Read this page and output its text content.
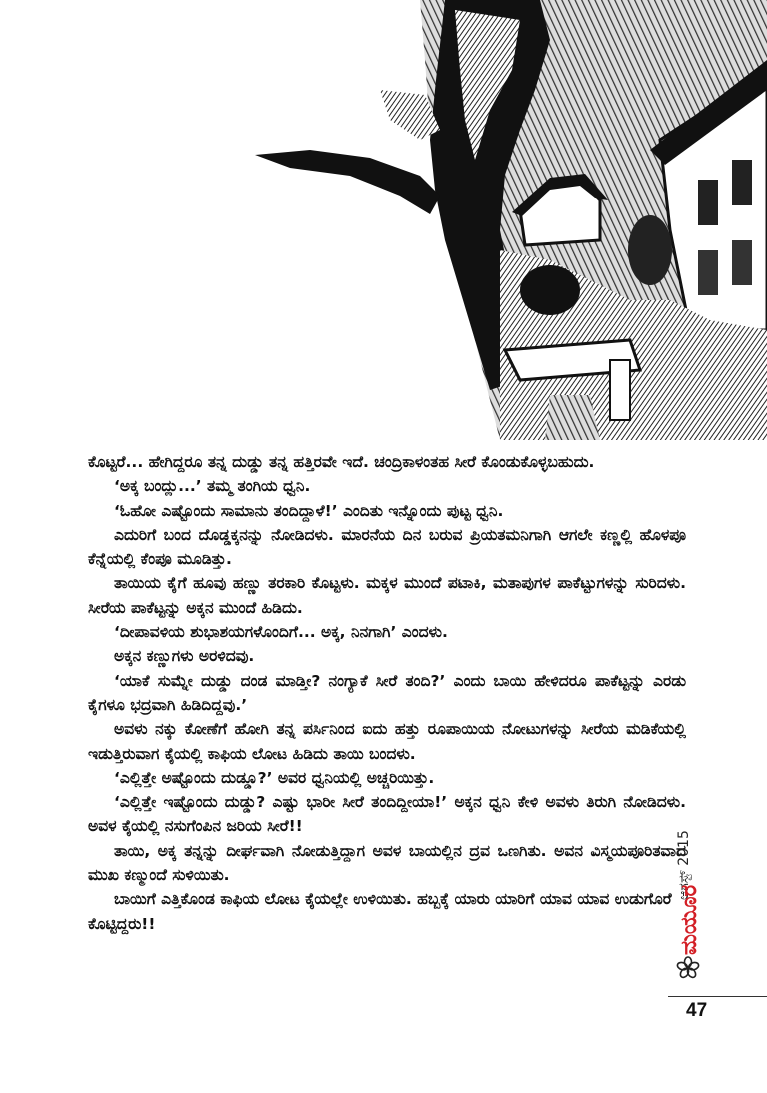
ಕೊಟ್ಟರೆ... ಹೇಗಿದ್ದರೂ ತನ್ನ ದುಡ್ಡು ತನ್ನ ಹತ್ತಿರವೇ ಇದೆ. ಚಂದ್ರಿಕಾಳಂತಹ ಸೀರೆ ಕೊಂಡುಕೊಳ್ಳಬಹುದು.

‘ಅಕ್ಕ ಬಂದ್ಲು...’ ತಮ್ಮ ತಂಗಿಯ ಧ್ವನಿ.

‘ಓಹೋ ಎಷ್ಟೊಂದು ಸಾಮಾನು ತಂದಿದ್ದಾಳೆ!’ ಎಂದಿತು ಇನ್ನೊಂದು ಪುಟ್ಟ ಧ್ವನಿ.

ಎದುರಿಗೆ ಬಂದ ದೊಡ್ಡಕ್ಕನನ್ನು ನೋಡಿದಳು. ಮಾರನೆಯ ದಿನ ಬರುವ ಪ್ರಿಯತಮನಿಗಾಗಿ ಆಗಲೇ ಕಣ್ಣಲ್ಲಿ ಹೊಳಪೂ ಕೆನ್ನೆಯಲ್ಲಿ ಕೆಂಪೂ ಮೂಡಿತ್ತು.

ತಾಯಿಯ ಕೈಗೆ ಹೂವು ಹಣ್ಣು ತರಕಾರಿ ಕೊಟ್ಟಳು. ಮಕ್ಕಳ ಮುಂದೆ ಪಟಾಕಿ, ಮತಾಪುಗಳ ಪಾಕೆಟ್ಟುಗಳನ್ನು ಸುರಿದಳು. ಸೀರೆಯ ಪಾಕೆಟ್ಟನ್ನು ಅಕ್ಕನ ಮುಂದೆ ಹಿಡಿದು.

‘ದೀಪಾವಳಿಯ ಶುಭಾಶಯಗಳೊಂದಿಗೆ... ಅಕ್ಕ, ನಿನಗಾಗಿ’ ಎಂದಳು.

ಅಕ್ಕನ ಕಣ್ಣುಗಳು ಅರಳಿದವು.

‘ಯಾಕೆ ಸುಮ್ನೇ ದುಡ್ಡು ದಂಡ ಮಾಡ್ತೀ? ನಂಗ್ಯಾಕೆ ಸೀರೆ ತಂದಿ?’ ಎಂದು ಬಾಯಿ ಹೇಳಿದರೂ ಪಾಕೆಟ್ಟನ್ನು ಎರಡು ಕೈಗಳೂ ಭದ್ರವಾಗಿ ಹಿಡಿದಿದ್ದವು.’

ಅವಳು ನಕ್ಕು ಕೋಣೆಗೆ ಹೋಗಿ ತನ್ನ ಪರ್ಸಿನಿಂದ ಐದು ಹತ್ತು ರೂಪಾಯಿಯ ನೋಟುಗಳನ್ನು ಸೀರೆಯ ಮಡಿಕೆಯಲ್ಲಿ ಇಡುತ್ತಿರುವಾಗ ಕೈಯಲ್ಲಿ ಕಾಫಿಯ ಲೋಟ ಹಿಡಿದು ತಾಯಿ ಬಂದಳು.

‘ಎಲ್ಲಿತ್ತೇ ಅಷ್ಟೊಂದು ದುಡ್ಡೂ?’ ಅವರ ಧ್ವನಿಯಲ್ಲಿ ಅಚ್ಚರಿಯಿತ್ತು.

‘ಎಲ್ಲಿತ್ತೇ ಇಷ್ಟೊಂದು ದುಡ್ಡು? ಎಷ್ಟು ಭಾರೀ ಸೀರೆ ತಂದಿದ್ದೀಯಾ!’ ಅಕ್ಕನ ಧ್ವನಿ ಕೇಳಿ ಅವಳು ತಿರುಗಿ ನೋಡಿದಳು. ಅವಳ ಕೈಯಲ್ಲಿ ನಸುಗೆಂಪಿನ ಜರಿಯ ಸೀರೆ!!

ತಾಯಿ, ಅಕ್ಕ ತನ್ನನ್ನು ದೀರ್ಘವಾಗಿ ನೋಡುತ್ತಿದ್ದಾಗ ಅವಳ ಬಾಯಲ್ಲಿನ ದ್ರವ ಒಣಗಿತು. ಅವನ ವಿಸ್ಮಯಪೂರಿತವಾದ ಮುಖ ಕಣ್ಮುಂದೆ ಸುಳಿಯಿತು.

ಬಾಯಿಗೆ ಎತ್ತಿಕೊಂಡ ಕಾಫಿಯ ಲೋಟ ಕೈಯಲ್ಲೇ ಉಳಿಯಿತು. ಹಬ್ಬಕ್ಕೆ ಯಾರು ಯಾರಿಗೆ ಯಾವ ಯಾವ ಉಡುಗೊರೆ ಕೊಟ್ಟಿದ್ದರು!!

ಆಗಸ್ಟ್ 2015
ಮಯೂರ
47
